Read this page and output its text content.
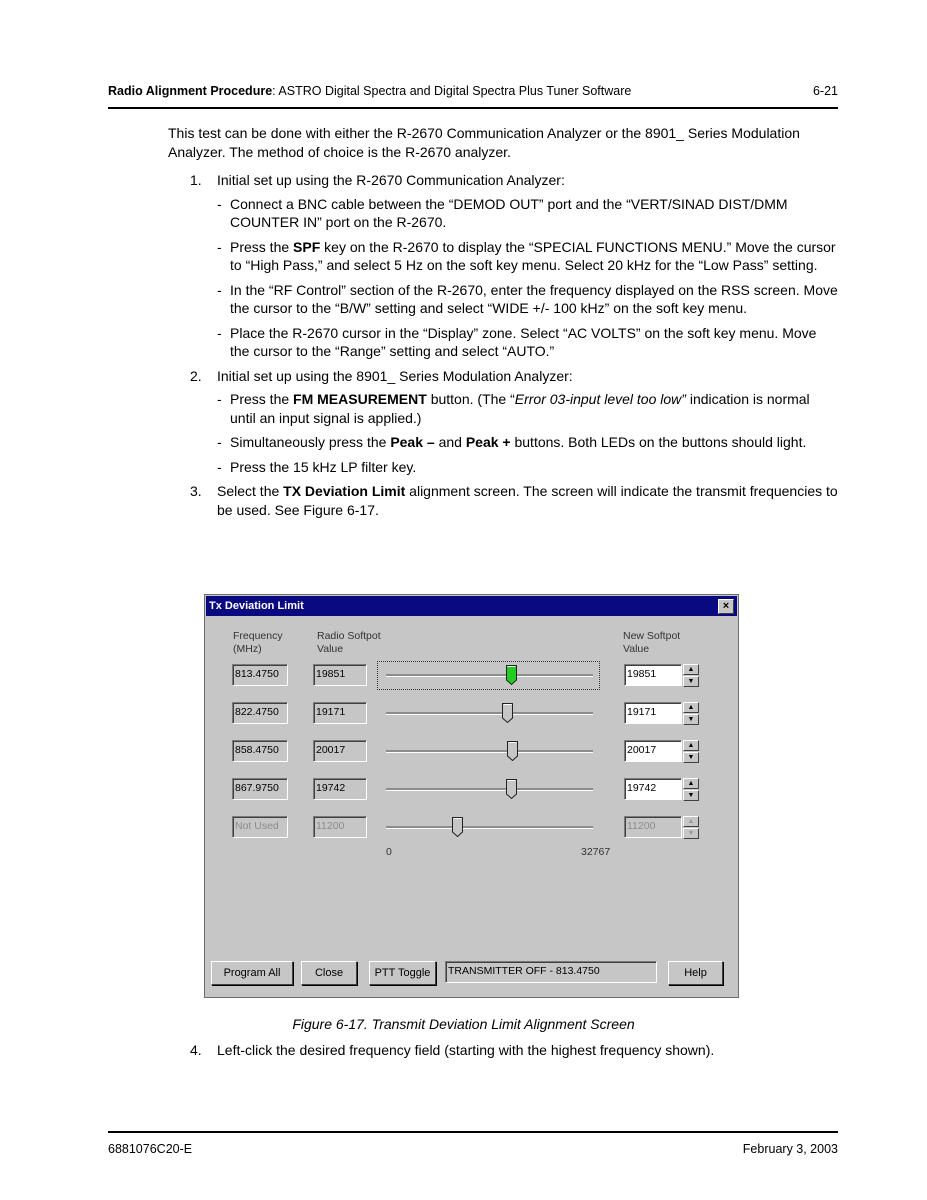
Radio Alignment Procedure: ASTRO Digital Spectra and Digital Spectra Plus Tuner Software	6-21

This test can be done with either the R-2670 Communication Analyzer or the 8901_ Series Modulation Analyzer. The method of choice is the R-2670 analyzer.

1. Initial set up using the R-2670 Communication Analyzer:
- Connect a BNC cable between the “DEMOD OUT” port and the “VERT/SINAD DIST/DMM COUNTER IN” port on the R-2670.
- Press the SPF key on the R-2670 to display the “SPECIAL FUNCTIONS MENU.” Move the cursor to “High Pass,” and select 5 Hz on the soft key menu. Select 20 kHz for the “Low Pass” setting.
- In the “RF Control” section of the R-2670, enter the frequency displayed on the RSS screen. Move the cursor to the “B/W” setting and select “WIDE +/- 100 kHz” on the soft key menu.
- Place the R-2670 cursor in the “Display” zone. Select “AC VOLTS” on the soft key menu. Move the cursor to the “Range” setting and select “AUTO.”
2. Initial set up using the 8901_ Series Modulation Analyzer:
- Press the FM MEASUREMENT button. (The “Error 03-input level too low” indication is normal until an input signal is applied.)
- Simultaneously press the Peak – and Peak + buttons. Both LEDs on the buttons should light.
- Press the 15 kHz LP filter key.
3. Select the TX Deviation Limit alignment screen. The screen will indicate the transmit frequencies to be used. See Figure 6-17.
Tx Deviation Limit	×
Frequency
(MHz)
Radio Softpot
Value
New Softpot
Value
0	32767
Program All	Close	PTT Toggle	TRANSMITTER OFF - 813.4750	Help
813.4750	19851	19851	▲
▼
822.4750	19171	19171	▲
▼
858.4750	20017	20017	▲
▼
867.9750	19742	19742	▲
▼
Not Used	11200	11200	▲
▼
Figure 6-17. Transmit Deviation Limit Alignment Screen
4. Left-click the desired frequency field (starting with the highest frequency shown).
6881076C20-E	February 3, 2003
